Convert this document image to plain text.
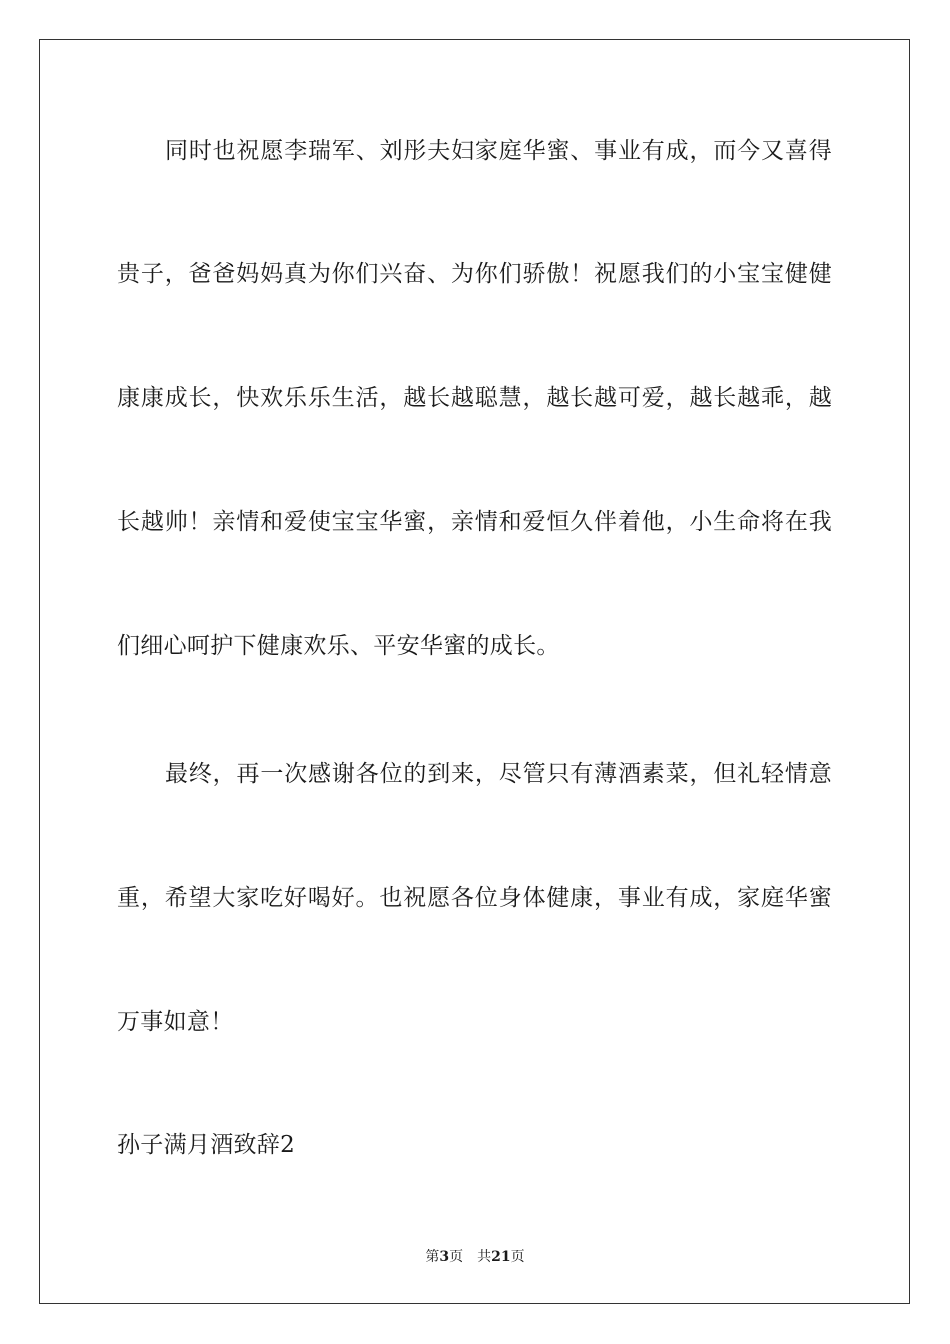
同时也祝愿李瑞军、刘彤夫妇家庭华蜜、事业有成，而今又喜得
贵子，爸爸妈妈真为你们兴奋、为你们骄傲！祝愿我们的小宝宝健健
康康成长，快欢乐乐生活，越长越聪慧，越长越可爱，越长越乖，越
长越帅！亲情和爱使宝宝华蜜，亲情和爱恒久伴着他，小生命将在我
们细心呵护下健康欢乐、平安华蜜的成长。
最终，再一次感谢各位的到来，尽管只有薄酒素菜，但礼轻情意
重，希望大家吃好喝好。也祝愿各位身体健康，事业有成，家庭华蜜
万事如意！
孙子满月酒致辞2
第3页 共21页
